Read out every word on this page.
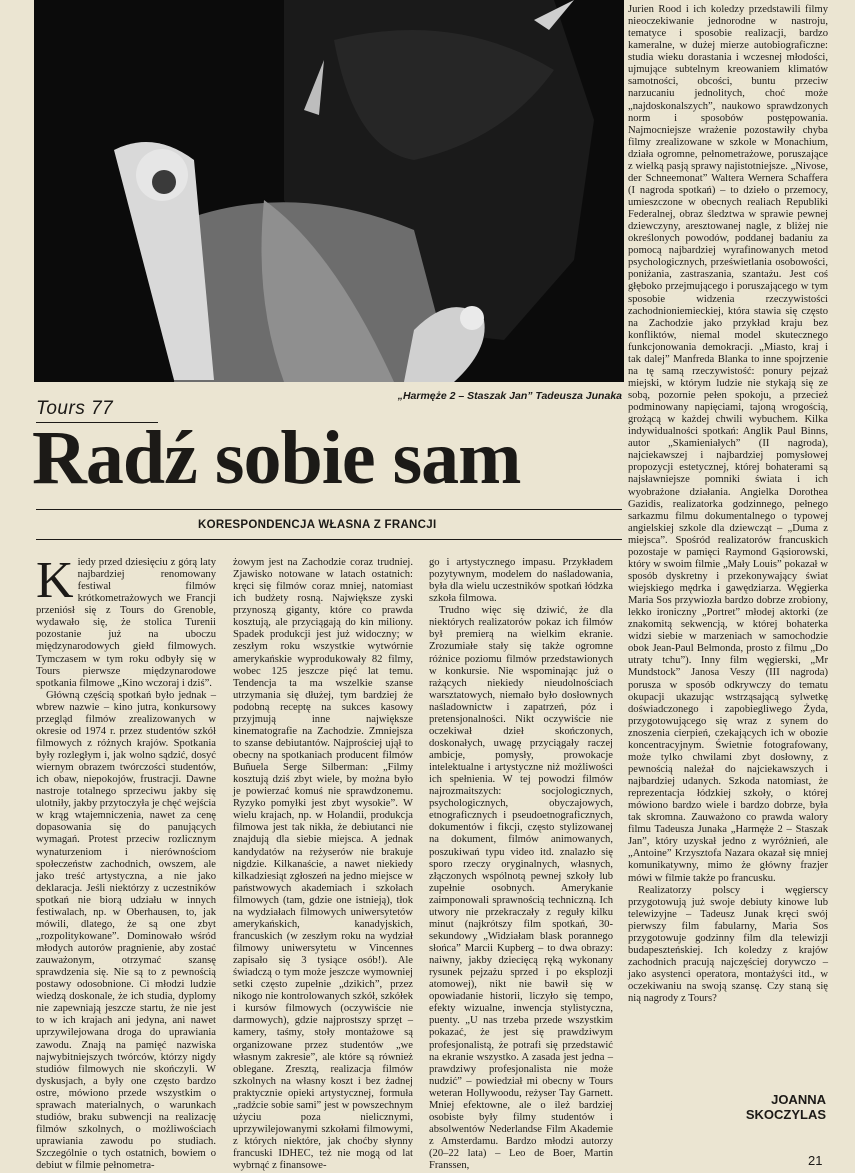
„Harmęże 2 – Staszak Jan” Tadeusza Junaka
Tours 77
Radź sobie sam
KORESPONDENCJA WŁASNA Z FRANCJI
K iedy przed dziesięciu z górą laty najbardziej renomowany festiwal filmów krótkometrażowych we Francji przeniósł się z Tours do Grenoble, wydawało się, że stolica Turenii pozostanie już na uboczu międzynarodowych giełd filmowych. Tymczasem w tym roku odbyły się w Tours pierwsze międzynarodowe spotkania filmowe „Kino wczoraj i dziś”.

Główną częścią spotkań było jednak – wbrew nazwie – kino jutra, konkursowy przegląd filmów zrealizowanych w okresie od 1974 r. przez studentów szkół filmowych z różnych krajów. Spotkania były rozległym i, jak wolno sądzić, dosyć wiernym obrazem twórczości studentów, ich obaw, niepokojów, frustracji. Dawne nastroje totalnego sprzeciwu jakby się ulotniły, jakby przytoczyła je chęć wejścia w krąg wtajemniczenia, nawet za cenę dopasowania się do panujących wymagań. Protest przeciw rozlicznym wynaturzeniom i nierównościom społeczeństw zachodnich, owszem, ale jako treść artystyczna, a nie jako deklaracja. Jeśli niektórzy z uczestników spotkań nie biorą udziału w innych festiwalach, np. w Oberhausen, to, jak mówili, dlatego, że są one zbyt „rozpolitykowane”. Dominowało wśród młodych autorów pragnienie, aby zostać zauważonym, otrzymać szansę sprawdzenia się. Nie są to z pewnością postawy odosobnione. Ci młodzi ludzie wiedzą doskonale, że ich studia, dyplomy nie zapewniają jeszcze startu, że nie jest to w ich krajach ani jedyna, ani nawet uprzywilejowana droga do uprawiania zawodu. Znają na pamięć nazwiska najwybitniejszych twórców, którzy nigdy studiów filmowych nie skończyli. W dyskusjach, a były one często bardzo ostre, mówiono przede wszystkim o sprawach materialnych, o warunkach studiów, braku subwencji na realizację filmów szkolnych, o możliwościach uprawiania zawodu po studiach. Szczególnie o tych ostatnich, bowiem o debiut w filmie pełnometra-

żowym jest na Zachodzie coraz trudniej. Zjawisko notowane w latach ostatnich: kręci się filmów coraz mniej, natomiast ich budżety rosną. Największe zyski przynoszą giganty, które co prawda kosztują, ale przyciągają do kin miliony. Spadek produkcji jest już widoczny; w zeszłym roku wszystkie wytwórnie amerykańskie wyprodukowały 82 filmy, wobec 125 jeszcze pięć lat temu. Tendencja ta ma wszelkie szanse utrzymania się dłużej, tym bardziej że podobną receptę na sukces kasowy przyjmują inne największe kinematografie na Zachodzie. Zmniejsza to szanse debiutantów. Najprościej ujął to obecny na spotkaniach producent filmów Buñuela Serge Silberman: „Filmy kosztują dziś zbyt wiele, by można było je powierzać komuś nie sprawdzonemu. Ryzyko pomyłki jest zbyt wysokie”. W wielu krajach, np. w Holandii, produkcja filmowa jest tak nikła, że debiutanci nie znajdują dla siebie miejsca. A jednak kandydatów na reżyserów nie brakuje nigdzie. Kilkanaście, a nawet niekiedy kilkadziesiąt zgłoszeń na jedno miejsce w państwowych akademiach i szkołach filmowych (tam, gdzie one istnieją), tłok na wydziałach filmowych uniwersytetów amerykańskich, kanadyjskich, francuskich (w zeszłym roku na wydział filmowy uniwersytetu w Vincennes zapisało się 3 tysiące osób!). Ale świadczą o tym może jeszcze wymowniej setki często zupełnie „dzikich”, przez nikogo nie kontrolowanych szkół, szkółek i kursów filmowych (oczywiście nie darmowych), gdzie najprostszy sprzęt – kamery, taśmy, stoły montażowe są organizowane przez studentów „we własnym zakresie”, ale które są również oblegane. Zresztą, realizacja filmów szkolnych na własny koszt i bez żadnej praktycznie opieki artystycznej, formuła „radźcie sobie sami” jest w powszechnym użyciu poza nielicznymi, uprzywilejowanymi szkołami filmowymi, z których niektóre, jak choćby słynny francuski IDHEC, też nie mogą od lat wybrnąć z finansowe-

go i artystycznego impasu. Przykładem pozytywnym, modelem do naśladowania, była dla wielu uczestników spotkań łódzka szkoła filmowa.

Trudno więc się dziwić, że dla niektórych realizatorów pokaz ich filmów był premierą na wielkim ekranie. Zrozumiałe stały się także ogromne różnice poziomu filmów przedstawionych w konkursie. Nie wspominając już o rażących niekiedy nieudolnościach warsztatowych, niemało było dosłownych naśladownictw i zapatrzeń, póz i pretensjonalności. Nikt oczywiście nie oczekiwał dzieł skończonych, doskonałych, uwagę przyciągały raczej ambicje, pomysły, prowokacje intelektualne i artystyczne niż możliwości ich spełnienia. W tej powodzi filmów najrozmaitszych: socjologicznych, psychologicznych, obyczajowych, etnograficznych i pseudoetnograficznych, dokumentów i fikcji, często stylizowanej na dokument, filmów animowanych, poszukiwań typu video itd. znalazło się sporo rzeczy oryginalnych, własnych, złączonych wspólnotą pewnej szkoły lub zupełnie osobnych. Amerykanie zaimponowali sprawnością techniczną. Ich utwory nie przekraczały z reguły kilku minut (najkrótszy film spotkań, 30-sekundowy „Widziałam blask porannego słońca” Marcii Kupberg – to dwa obrazy: naiwny, jakby dziecięcą ręką wykonany rysunek pejzażu sprzed i po eksplozji atomowej), nikt nie bawił się w opowiadanie historii, liczyło się tempo, efekty wizualne, inwencja stylistyczna, puenty. „U nas trzeba przede wszystkim pokazać, że jest się prawdziwym profesjonalistą, że potrafi się przedstawić na ekranie wszystko. A zasada jest jedna – prawdziwy profesjonalista nie może nudzić” – powiedział mi obecny w Tours weteran Hollywoodu, reżyser Tay Garnett. Mniej efektowne, ale o ileż bardziej osobiste były filmy studentów i absolwentów Nederlandse Film Akademie z Amsterdamu. Bardzo młodzi autorzy (20–22 lata) – Leo de Boer, Martin Franssen,

Jurien Rood i ich koledzy przedstawili filmy nieoczekiwanie jednorodne w nastroju, tematyce i sposobie realizacji, bardzo kameralne, w dużej mierze autobiograficzne: studia wieku dorastania i wczesnej młodości, ujmujące subtelnym kreowaniem klimatów samotności, obcości, buntu przeciw narzucaniu jednolitych, choć może „najdoskonalszych”, naukowo sprawdzonych norm i sposobów postępowania. Najmocniejsze wrażenie pozostawiły chyba filmy zrealizowane w szkole w Monachium, działa ogromne, pełnometrażowe, poruszające z wielką pasją sprawy najistotniejsze. „Nivose, der Schneemonat” Waltera Wernera Schaffera (I nagroda spotkań) – to dzieło o przemocy, umieszczone w obecnych realiach Republiki Federalnej, obraz śledztwa w sprawie pewnej dziewczyny, aresztowanej nagle, z bliżej nie określonych powodów, poddanej badaniu za pomocą najbardziej wyrafinowanych metod psychologicznych, prześwietlania osobowości, poniżania, zastraszania, szantażu. Jest coś głęboko przejmującego i poruszającego w tym sposobie widzenia rzeczywistości zachodnioniemieckiej, która stawia się często na Zachodzie jako przykład kraju bez konfliktów, niemal model skutecznego funkcjonowania demokracji. „Miasto, kraj i tak dalej” Manfreda Blanka to inne spojrzenie na tę samą rzeczywistość: ponury pejzaż miejski, w którym ludzie nie stykają się ze sobą, pozornie pełen spokoju, a przecież podminowany napięciami, tajoną wrogością, grożącą w każdej chwili wybuchem. Kilka indywidualności spotkań: Anglik Paul Binns, autor „Skamieniałych” (II nagroda), najciekawszej i najbardziej pomysłowej propozycji estetycznej, której bohaterami są najsławniejsze pomniki świata i ich wyobrażone działania. Angielka Dorothea Gazidis, realizatorka godzinnego, pełnego sarkazmu filmu dokumentalnego o typowej angielskiej szkole dla dziewcząt – „Duma z miejsca”. Spośród realizatorów francuskich pozostaje w pamięci Raymond Gąsiorowski, który w swoim filmie „Mały Louis” pokazał w sposób dyskretny i przekonywający świat wiejskiego mędrka i gawędziarza. Węgierka Maria Sos przywiozła bardzo dobrze zrobiony, lekko ironiczny „Portret” młodej aktorki (ze znakomitą sekwencją, w której bohaterka widzi siebie w marzeniach w samochodzie obok Jean-Paul Belmonda, prosto z filmu „Do utraty tchu”). Inny film węgierski, „Mr Mundstock” Janosa Veszy (III nagroda) porusza w sposób odkrywczy do tematu okupacji ukazując wstrząsającą sylwetkę doświadczonego i zapobiegliwego Żyda, przygotowującego się wraz z synem do znoszenia cierpień, czekających ich w obozie koncentracyjnym. Świetnie fotografowany, może tylko chwilami zbyt dosłowny, z pewnością należał do najciekawszych i najbardziej udanych. Szkoda natomiast, że reprezentacja łódzkiej szkoły, o której mówiono bardzo wiele i bardzo dobrze, była tak skromna. Zauważono co prawda walory filmu Tadeusza Junaka „Harmęże 2 – Staszak Jan”, który uzyskał jedno z wyróżnień, ale „Antoine” Krzysztofa Nazara okazał się mniej komunikatywny, mimo że główny frazjer mówi w filmie także po francusku.

Realizatorzy polscy i węgierscy przygotowują już swoje debiuty kinowe lub telewizyjne – Tadeusz Junak kręci swój pierwszy film fabularny, Maria Sos przygotowuje godzinny film dla telewizji budapeszteńskiej. Ich koledzy z krajów zachodnich pracują najczęściej dorywczo – jako asystenci operatora, montażyści itd., w oczekiwaniu na swoją szansę. Czy staną się nią nagrody z Tours?

JOANNA
SKOCZYLAS
21
